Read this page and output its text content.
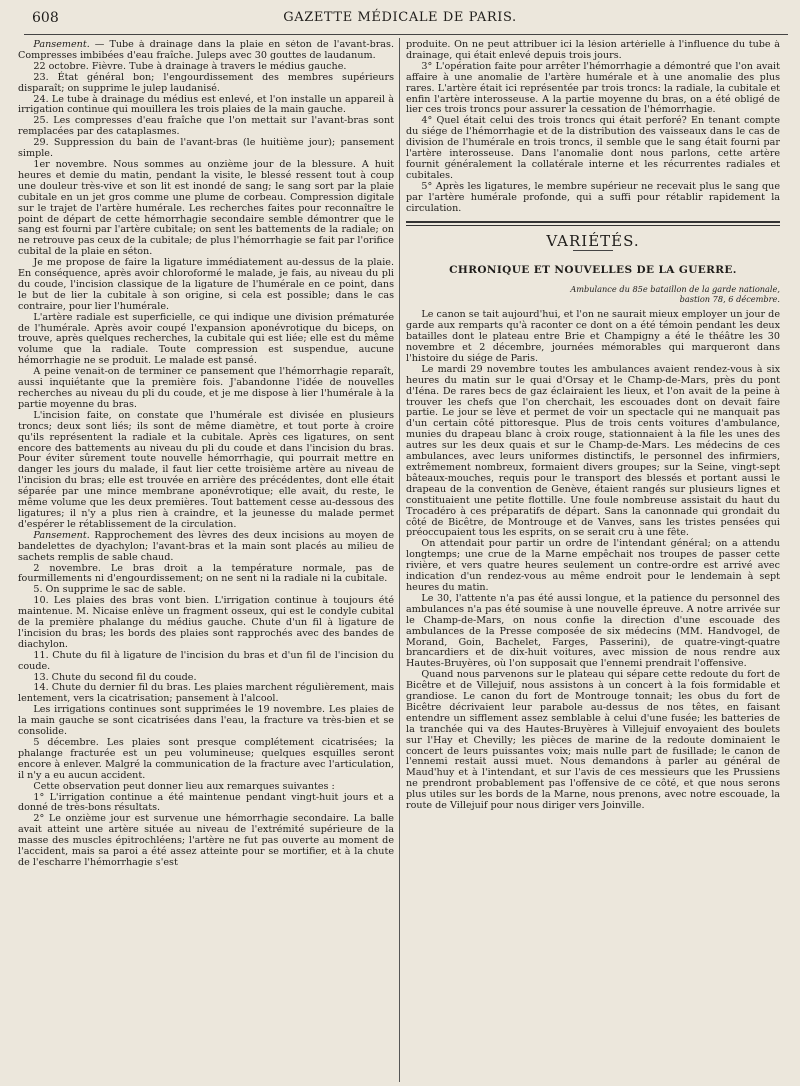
608	GAZETTE MÉDICALE DE PARIS.

Pansement. — Tube à drainage dans la plaie en séton de l'avant-bras. Compresses imbibées d'eau fraîche. Juleps avec 30 gouttes de laudanum.

22 octobre. Fièvre. Tube à drainage à travers le médius gauche.

23. État général bon; l'engourdissement des membres supérieurs disparaît; on supprime le julep laudanisé.

24. Le tube à drainage du médius est enlevé, et l'on installe un appareil à irrigation continue qui mouillera les trois plaies de la main gauche.

25. Les compresses d'eau fraîche que l'on mettait sur l'avant-bras sont remplacées par des cataplasmes.

29. Suppression du bain de l'avant-bras (le huitième jour); pansement simple.

1er novembre. Nous sommes au onzième jour de la blessure. A huit heures et demie du matin, pendant la visite, le blessé ressent tout à coup une douleur très-vive et son lit est inondé de sang; le sang sort par la plaie cubitale en un jet gros comme une plume de corbeau. Compression digitale sur le trajet de l'artère humérale. Les recherches faites pour reconnaître le point de départ de cette hémorrhagie secondaire semble démontrer que le sang est fourni par l'artère cubitale; on sent les battements de la radiale; on ne retrouve pas ceux de la cubitale; de plus l'hémorrhagie se fait par l'orifice cubital de la plaie en séton.

Je me propose de faire la ligature immédiatement au-dessus de la plaie. En conséquence, après avoir chloroformé le malade, je fais, au niveau du pli du coude, l'incision classique de la ligature de l'humérale en ce point, dans le but de lier la cubitale à son origine, si cela est possible; dans le cas contraire, pour lier l'humérale.

L'artère radiale est superficielle, ce qui indique une division prématurée de l'humérale. Après avoir coupé l'expansion aponévrotique du biceps, on trouve, après quelques recherches, la cubitale qui est liée; elle est du même volume que la radiale. Toute compression est suspendue, aucune hémorrhagie ne se produit. Le malade est pansé.

A peine venait-on de terminer ce pansement que l'hémorrhagie reparaît, aussi inquiétante que la première fois. J'abandonne l'idée de nouvelles recherches au niveau du pli du coude, et je me dispose à lier l'humérale à la partie moyenne du bras.

L'incision faite, on constate que l'humérale est divisée en plusieurs troncs; deux sont liés; ils sont de même diamètre, et tout porte à croire qu'ils représentent la radiale et la cubitale. Après ces ligatures, on sent encore des battements au niveau du pli du coude et dans l'incision du bras. Pour éviter sûrement toute nouvelle hémorrhagie, qui pourrait mettre en danger les jours du malade, il faut lier cette troisième artère au niveau de l'incision du bras; elle est trouvée en arrière des précédentes, dont elle était séparée par une mince membrane aponévrotique; elle avait, du reste, le même volume que les deux premières. Tout battement cesse au-dessous des ligatures; il n'y a plus rien à craindre, et la jeunesse du malade permet d'espérer le rétablissement de la circulation.

Pansement. Rapprochement des lèvres des deux incisions au moyen de bandelettes de dyachylon; l'avant-bras et la main sont placés au milieu de sachets remplis de sable chaud.

2 novembre. Le bras droit a la température normale, pas de fourmillements ni d'engourdissement; on ne sent ni la radiale ni la cubitale.

5. On supprime le sac de sable.

10. Les plaies des bras vont bien. L'irrigation continue à toujours été maintenue. M. Nicaise enlève un fragment osseux, qui est le condyle cubital de la première phalange du médius gauche. Chute d'un fil à ligature de l'incision du bras; les bords des plaies sont rapprochés avec des bandes de diachylon.

11. Chute du fil à ligature de l'incision du bras et d'un fil de l'incision du coude.

13. Chute du second fil du coude.

14. Chute du dernier fil du bras. Les plaies marchent régulièrement, mais lentement, vers la cicatrisation; pansement à l'alcool.

Les irrigations continues sont supprimées le 19 novembre. Les plaies de la main gauche se sont cicatrisées dans l'eau, la fracture va très-bien et se consolide.

5 décembre. Les plaies sont presque complétement cicatrisées; la phalange fracturée est un peu volumineuse; quelques esquilles seront encore à enlever. Malgré la communication de la fracture avec l'articulation, il n'y a eu aucun accident.

Cette observation peut donner lieu aux remarques suivantes :

1° L'irrigation continue a été maintenue pendant vingt-huit jours et a donné de très-bons résultats.

2° Le onzième jour est survenue une hémorrhagie secondaire. La balle avait atteint une artère située au niveau de l'extrémité supérieure de la masse des muscles épitrochléens; l'artère ne fut pas ouverte au moment de l'accident, mais sa paroi a été assez atteinte pour se mortifier, et à la chute de l'escharre l'hémorrhagie s'est

produite. On ne peut attribuer ici la lésion artérielle à l'influence du tube à drainage, qui était enlevé depuis trois jours.

3° L'opération faite pour arrêter l'hémorrhagie a démontré que l'on avait affaire à une anomalie de l'artère humérale et à une anomalie des plus rares. L'artère était ici représentée par trois troncs: la radiale, la cubitale et enfin l'artère interosseuse. A la partie moyenne du bras, on a été obligé de lier ces trois troncs pour assurer la cessation de l'hémorrhagie.

4° Quel était celui des trois troncs qui était perforé? En tenant compte du siége de l'hémorrhagie et de la distribution des vaisseaux dans le cas de division de l'humérale en trois troncs, il semble que le sang était fourni par l'artère interosseuse. Dans l'anomalie dont nous parlons, cette artère fournit généralement la collatérale interne et les récurrentes radiales et cubitales.

5° Après les ligatures, le membre supérieur ne recevait plus le sang que par l'artère humérale profonde, qui a suffi pour rétablir rapidement la circulation.

VARIÉTÉS.
CHRONIQUE ET NOUVELLES DE LA GUERRE.
Ambulance du 85e bataillon de la garde nationale,
bastion 78, 6 décembre.

Le canon se tait aujourd'hui, et l'on ne saurait mieux employer un jour de garde aux remparts qu'à raconter ce dont on a été témoin pendant les deux batailles dont le plateau entre Brie et Champigny a été le théâtre les 30 novembre et 2 décembre, journées mémorables qui marqueront dans l'histoire du siége de Paris.

Le mardi 29 novembre toutes les ambulances avaient rendez-vous à six heures du matin sur le quai d'Orsay et le Champ-de-Mars, près du pont d'Iéna. De rares becs de gaz éclairaient les lieux, et l'on avait de la peine à trouver les chefs que l'on cherchait, les escouades dont on devait faire partie. Le jour se lève et permet de voir un spectacle qui ne manquait pas d'un certain côté pittoresque. Plus de trois cents voitures d'ambulance, munies du drapeau blanc à croix rouge, stationnaient à la file les unes des autres sur les deux quais et sur le Champ-de-Mars. Les médecins de ces ambulances, avec leurs uniformes distinctifs, le personnel des infirmiers, extrêmement nombreux, formaient divers groupes; sur la Seine, vingt-sept bâteaux-mouches, requis pour le transport des blessés et portant aussi le drapeau de la convention de Genève, étaient rangés sur plusieurs lignes et constituaient une petite flottille. Une foule nombreuse assistait du haut du Trocadéro à ces préparatifs de départ. Sans la canonnade qui grondait du côté de Bicêtre, de Montrouge et de Vanves, sans les tristes pensées qui préoccupaient tous les esprits, on se serait cru à une fête.

On attendait pour partir un ordre de l'intendant général; on a attendu longtemps; une crue de la Marne empêchait nos troupes de passer cette rivière, et vers quatre heures seulement un contre-ordre est arrivé avec indication d'un rendez-vous au même endroit pour le lendemain à sept heures du matin.

Le 30, l'attente n'a pas été aussi longue, et la patience du personnel des ambulances n'a pas été soumise à une nouvelle épreuve. A notre arrivée sur le Champ-de-Mars, on nous confie la direction d'une escouade des ambulances de la Presse composée de six médecins (MM. Handvogel, de Morand, Goin, Bachelet, Farges, Passerini), de quatre-vingt-quatre brancardiers et de dix-huit voitures, avec mission de nous rendre aux Hautes-Bruyères, où l'on supposait que l'ennemi prendrait l'offensive.

Quand nous parvenons sur le plateau qui sépare cette redoute du fort de Bicêtre et de Villejuif, nous assistons à un concert à la fois formidable et grandiose. Le canon du fort de Montrouge tonnait; les obus du fort de Bicêtre décrivaient leur parabole au-dessus de nos têtes, en faisant entendre un sifflement assez semblable à celui d'une fusée; les batteries de la tranchée qui va des Hautes-Bruyères à Villejuif envoyaient des boulets sur l'Hay et Chevilly; les pièces de marine de la redoute dominaient le concert de leurs puissantes voix; mais nulle part de fusillade; le canon de l'ennemi restait aussi muet. Nous demandons à parler au général de Maud'huy et à l'intendant, et sur l'avis de ces messieurs que les Prussiens ne prendront probablement pas l'offensive de ce côté, et que nous serons plus utiles sur les bords de la Marne, nous prenons, avec notre escouade, la route de Villejuif pour nous diriger vers Joinville.
